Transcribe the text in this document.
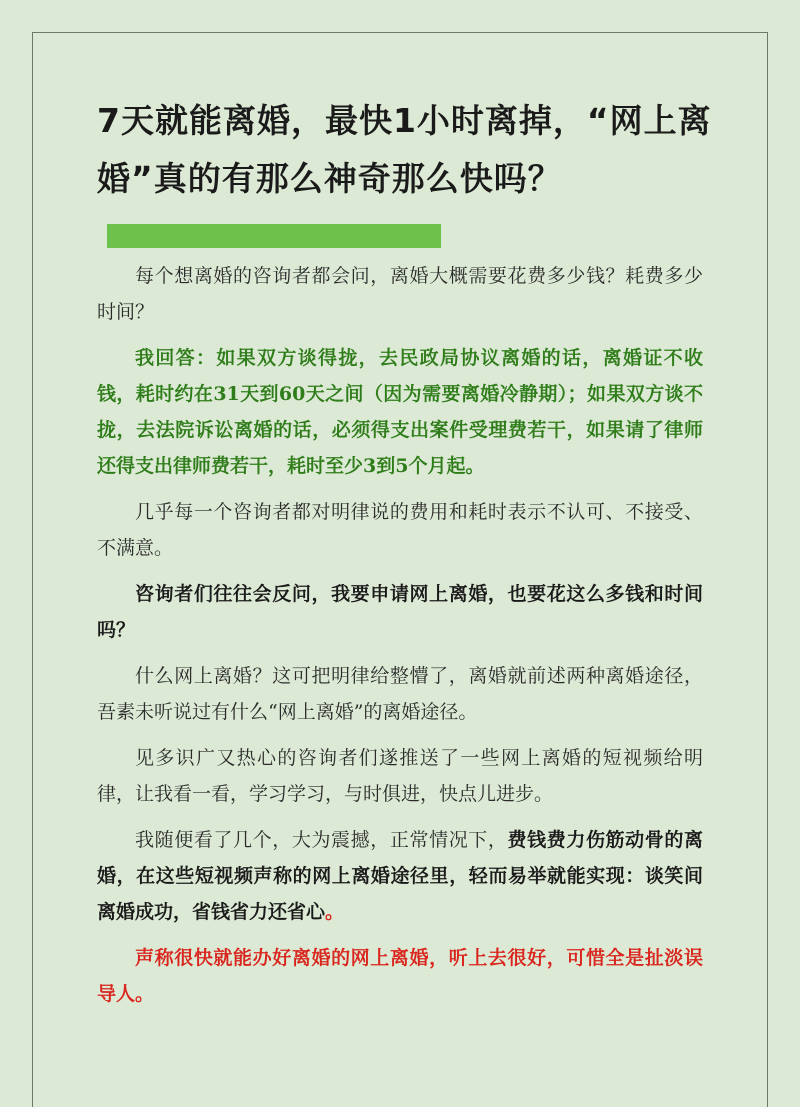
7天就能离婚，最快1小时离掉，“网上离婚”真的有那么神奇那么快吗？

每个想离婚的咨询者都会问，离婚大概需要花费多少钱？耗费多少时间？

我回答：如果双方谈得拢，去民政局协议离婚的话，离婚证不收钱，耗时约在31天到60天之间（因为需要离婚冷静期）；如果双方谈不拢，去法院诉讼离婚的话，必须得支出案件受理费若干，如果请了律师还得支出律师费若干，耗时至少3到5个月起。

几乎每一个咨询者都对明律说的费用和耗时表示不认可、不接受、不满意。

咨询者们往往会反问，我要申请网上离婚，也要花这么多钱和时间吗？

什么网上离婚？这可把明律给整懵了，离婚就前述两种离婚途径，吾素未听说过有什么“网上离婚”的离婚途径。

见多识广又热心的咨询者们遂推送了一些网上离婚的短视频给明律，让我看一看，学习学习，与时俱进，快点儿进步。

我随便看了几个，大为震撼，正常情况下，费钱费力伤筋动骨的离婚，在这些短视频声称的网上离婚途径里，轻而易举就能实现：谈笑间离婚成功，省钱省力还省心。

声称很快就能办好离婚的网上离婚，听上去很好，可惜全是扯淡误导人。
